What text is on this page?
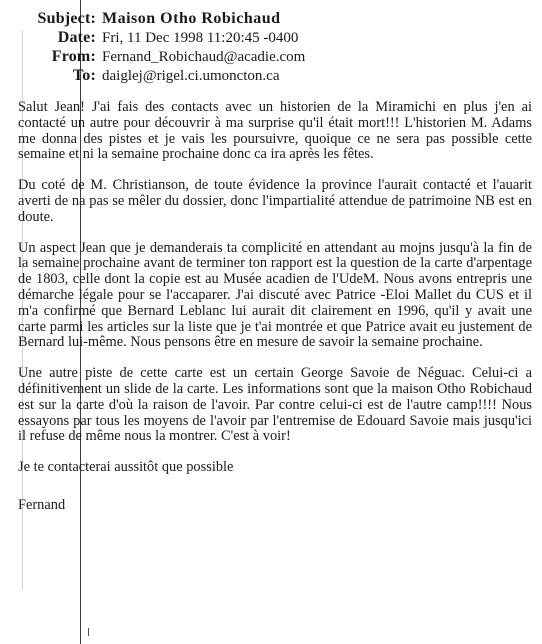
Subject: Maison Otho Robichaud
Date: Fri, 11 Dec 1998 11:20:45 -0400
From: Fernand_Robichaud@acadie.com
To: daiglej@rigel.ci.umoncton.ca

Salut Jean! J'ai fais des contacts avec un historien de la Miramichi en plus j'en ai contacté un autre pour découvrir à ma surprise qu'il était mort!!! L'historien M. Adams me donna des pistes et je vais les poursuivre, quoique ce ne sera pas possible cette semaine et ni la semaine prochaine donc ca ira après les fêtes.

Du coté de M. Christianson, de toute évidence la province l'aurait contacté et l'auarit averti de na pas se mêler du dossier, donc l'impartialité attendue de patrimoine NB est en doute.

Un aspect Jean que je demanderais ta complicité en attendant au mojns jusqu'à la fin de la semaine prochaine avant de terminer ton rapport est la question de la carte d'arpentage de 1803, celle dont la copie est au Musée acadien de l'UdeM. Nous avons entrepris une démarche légale pour se l'accaparer. J'ai discuté avec Patrice -Eloi Mallet du CUS et il m'a confirmé que Bernard Leblanc lui aurait dit clairement en 1996, qu'il y avait une carte parmi les articles sur la liste que je t'ai montrée et que Patrice avait eu justement de Bernard lui-même. Nous pensons être en mesure de savoir la semaine prochaine.

Une autre piste de cette carte est un certain George Savoie de Néguac. Celui-ci a définitivement un slide de la carte. Les informations sont que la maison Otho Robichaud est sur la carte d'où la raison de l'avoir. Par contre celui-ci est de l'autre camp!!!! Nous essayons par tous les moyens de l'avoir par l'entremise de Edouard Savoie mais jusqu'ici il refuse de même nous la montrer. C'est à voir!

Je te contacterai aussitôt que possible

Fernand
